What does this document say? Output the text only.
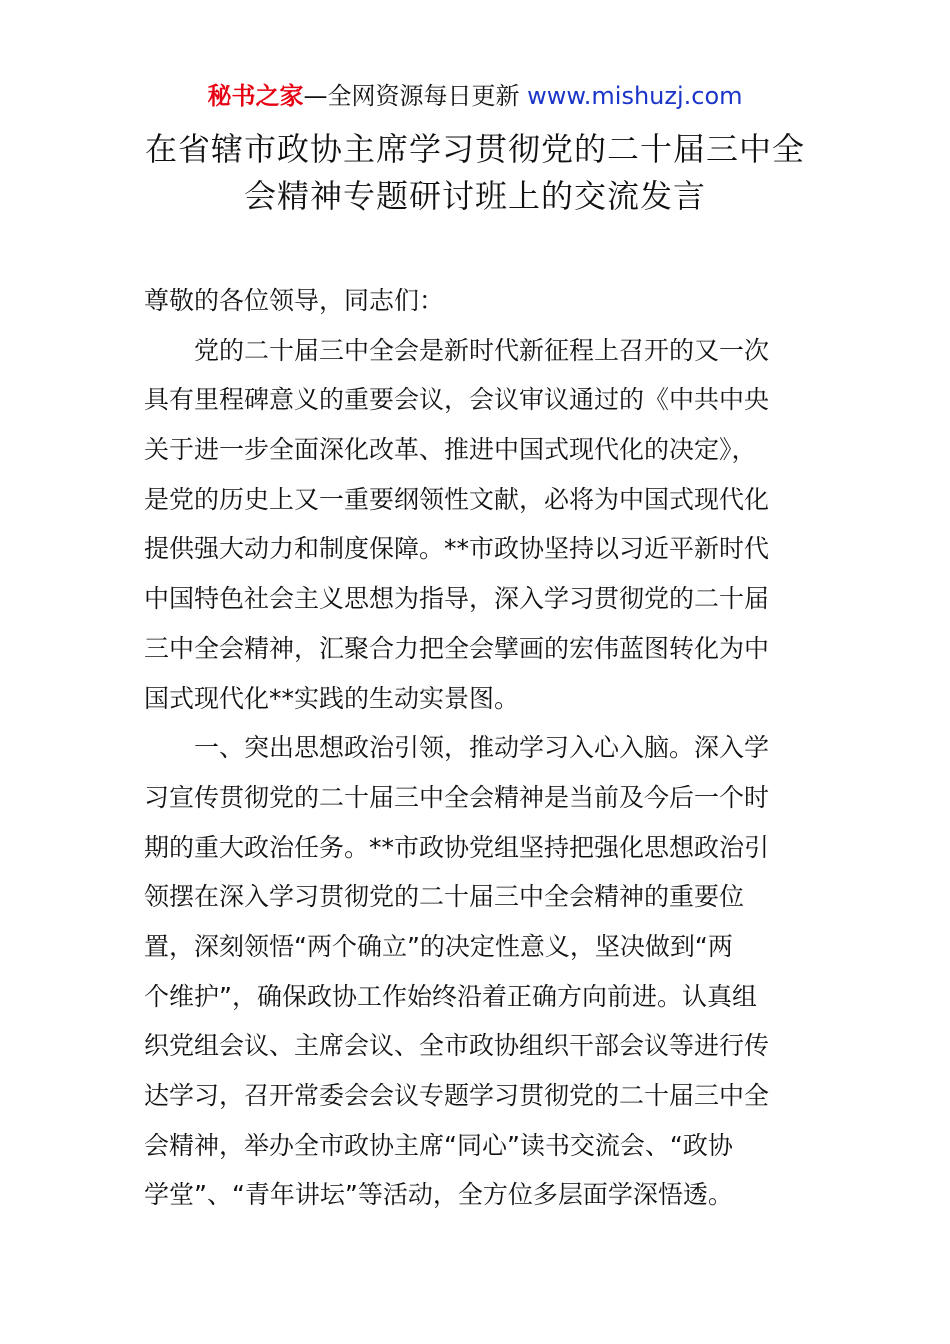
秘书之家—全网资源每日更新 www.mishuzj.com
在省辖市政协主席学习贯彻党的二十届三中全
会精神专题研讨班上的交流发言
尊敬的各位领导，同志们：
党的二十届三中全会是新时代新征程上召开的又一次
具有里程碑意义的重要会议，会议审议通过的《中共中央
关于进一步全面深化改革、推进中国式现代化的决定》，
是党的历史上又一重要纲领性文献，必将为中国式现代化
提供强大动力和制度保障。**市政协坚持以习近平新时代
中国特色社会主义思想为指导，深入学习贯彻党的二十届
三中全会精神，汇聚合力把全会擘画的宏伟蓝图转化为中
国式现代化**实践的生动实景图。
一、突出思想政治引领，推动学习入心入脑。深入学
习宣传贯彻党的二十届三中全会精神是当前及今后一个时
期的重大政治任务。**市政协党组坚持把强化思想政治引
领摆在深入学习贯彻党的二十届三中全会精神的重要位
置，深刻领悟“两个确立”的决定性意义，坚决做到“两
个维护”，确保政协工作始终沿着正确方向前进。认真组
织党组会议、主席会议、全市政协组织干部会议等进行传
达学习，召开常委会会议专题学习贯彻党的二十届三中全
会精神，举办全市政协主席“同心”读书交流会、“政协
学堂”、“青年讲坛”等活动，全方位多层面学深悟透。
